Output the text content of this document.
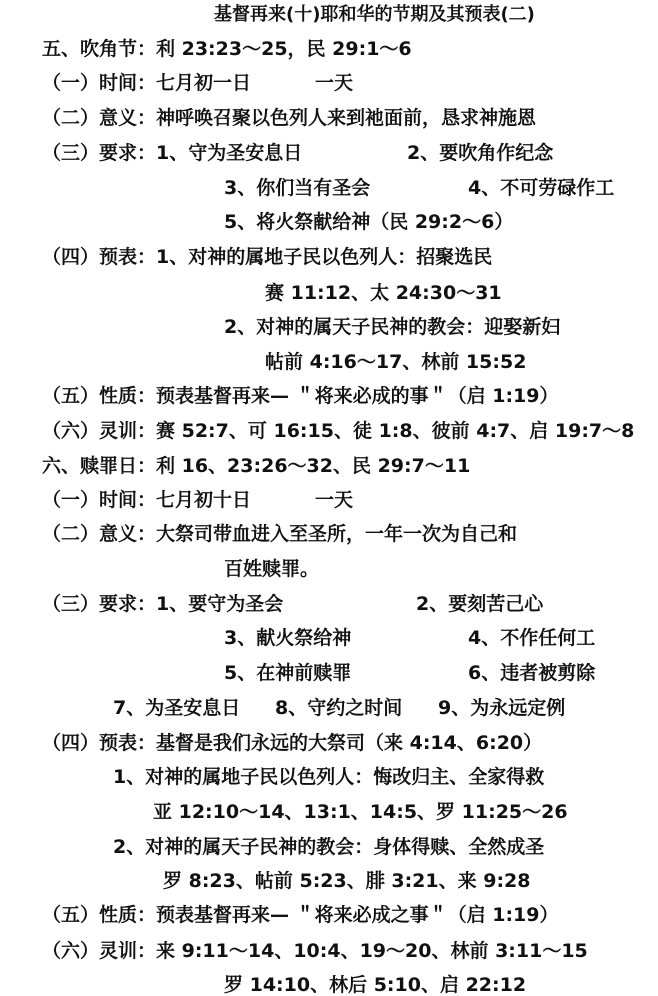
基督再来(十)耶和华的节期及其预表(二)
五、吹角节：利 23:23～25，民 29:1～6
（一）时间：七月初一日	一天
（二）意义：神呼唤召聚以色列人来到祂面前，恳求神施恩
（三）要求：1、守为圣安息日	2、要吹角作纪念
3、你们当有圣会	4、不可劳碌作工
5、将火祭献给神（民 29:2～6）
（四）预表：1、对神的属地子民以色列人：招聚选民
赛 11:12、太 24:30～31
2、对神的属天子民神的教会：迎娶新妇
帖前 4:16～17、林前 15:52
（五）性质：预表基督再来— ＂将来必成的事＂（启 1:19）
（六）灵训：赛 52:7、可 16:15、徒 1:8、彼前 4:7、启 19:7～8
六、赎罪日：利 16、23:26～32、民 29:7～11
（一）时间：七月初十日	一天
（二）意义：大祭司带血进入至圣所，一年一次为自己和
百姓赎罪。
（三）要求：1、要守为圣会	2、要刻苦己心
3、献火祭给神	4、不作任何工
5、在神前赎罪	6、违者被剪除
7、为圣安息日 8、守约之时间 9、为永远定例
（四）预表：基督是我们永远的大祭司（来 4:14、6:20）
1、对神的属地子民以色列人：悔改归主、全家得救
亚 12:10～14、13:1、14:5、罗 11:25～26
2、对神的属天子民神的教会：身体得赎、全然成圣
罗 8:23、帖前 5:23、腓 3:21、来 9:28
（五）性质：预表基督再来— ＂将来必成之事＂（启 1:19）
（六）灵训：来 9:11～14、10:4、19～20、林前 3:11～15
罗 14:10、林后 5:10、启 22:12
